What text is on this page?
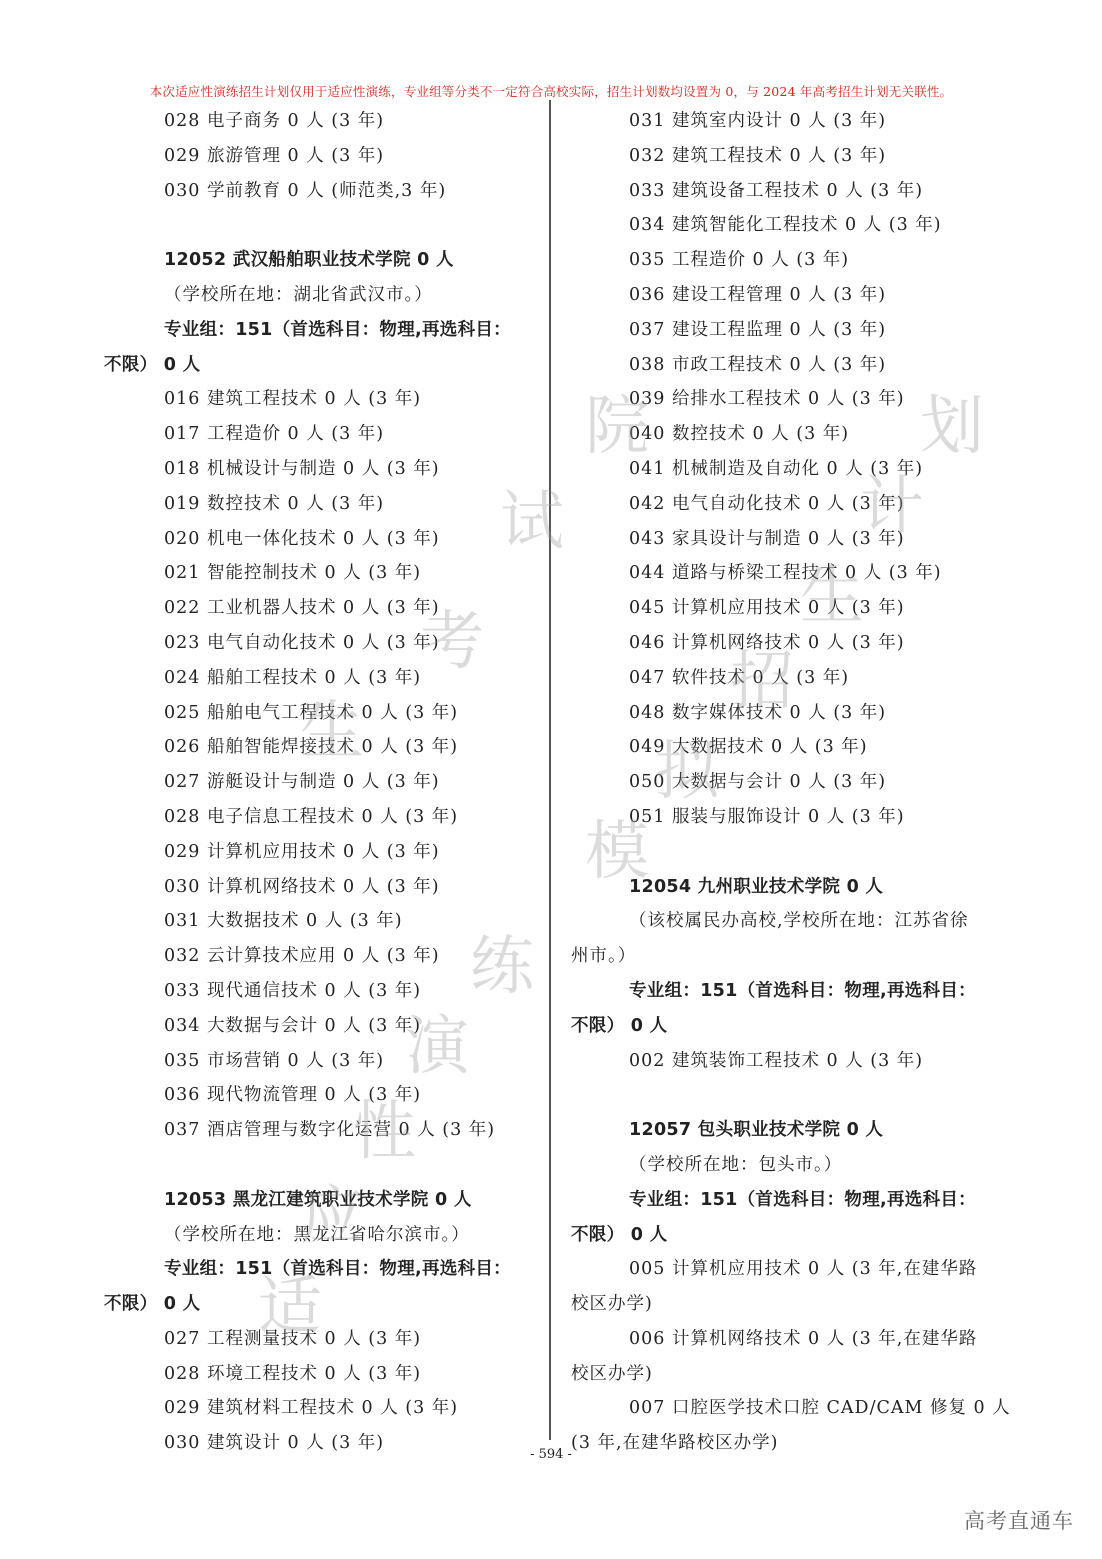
本次适应性演练招生计划仅用于适应性演练，专业组等分类不一定符合高校实际，招生计划数均设置为 0，与 2024 年高考招生计划无关联性。
028 电子商务 0 人 (3 年)
029 旅游管理 0 人 (3 年)
030 学前教育 0 人 (师范类,3 年)
12052 武汉船舶职业技术学院 0 人
（学校所在地：湖北省武汉市。）
专业组：151（首选科目：物理,再选科目：
不限） 0 人
016 建筑工程技术 0 人 (3 年)
017 工程造价 0 人 (3 年)
018 机械设计与制造 0 人 (3 年)
019 数控技术 0 人 (3 年)
020 机电一体化技术 0 人 (3 年)
021 智能控制技术 0 人 (3 年)
022 工业机器人技术 0 人 (3 年)
023 电气自动化技术 0 人 (3 年)
024 船舶工程技术 0 人 (3 年)
025 船舶电气工程技术 0 人 (3 年)
026 船舶智能焊接技术 0 人 (3 年)
027 游艇设计与制造 0 人 (3 年)
028 电子信息工程技术 0 人 (3 年)
029 计算机应用技术 0 人 (3 年)
030 计算机网络技术 0 人 (3 年)
031 大数据技术 0 人 (3 年)
032 云计算技术应用 0 人 (3 年)
033 现代通信技术 0 人 (3 年)
034 大数据与会计 0 人 (3 年)
035 市场营销 0 人 (3 年)
036 现代物流管理 0 人 (3 年)
037 酒店管理与数字化运营 0 人 (3 年)
12053 黑龙江建筑职业技术学院 0 人
（学校所在地：黑龙江省哈尔滨市。）
专业组：151（首选科目：物理,再选科目：
不限） 0 人
027 工程测量技术 0 人 (3 年)
028 环境工程技术 0 人 (3 年)
029 建筑材料工程技术 0 人 (3 年)
030 建筑设计 0 人 (3 年)
031 建筑室内设计 0 人 (3 年)
032 建筑工程技术 0 人 (3 年)
033 建筑设备工程技术 0 人 (3 年)
034 建筑智能化工程技术 0 人 (3 年)
035 工程造价 0 人 (3 年)
036 建设工程管理 0 人 (3 年)
037 建设工程监理 0 人 (3 年)
038 市政工程技术 0 人 (3 年)
039 给排水工程技术 0 人 (3 年)
040 数控技术 0 人 (3 年)
041 机械制造及自动化 0 人 (3 年)
042 电气自动化技术 0 人 (3 年)
043 家具设计与制造 0 人 (3 年)
044 道路与桥梁工程技术 0 人 (3 年)
045 计算机应用技术 0 人 (3 年)
046 计算机网络技术 0 人 (3 年)
047 软件技术 0 人 (3 年)
048 数字媒体技术 0 人 (3 年)
049 大数据技术 0 人 (3 年)
050 大数据与会计 0 人 (3 年)
051 服装与服饰设计 0 人 (3 年)
12054 九州职业技术学院 0 人
（该校属民办高校,学校所在地：江苏省徐
州市。）
专业组：151（首选科目：物理,再选科目：
不限） 0 人
002 建筑装饰工程技术 0 人 (3 年)
12057 包头职业技术学院 0 人
（学校所在地：包头市。）
专业组：151（首选科目：物理,再选科目：
不限） 0 人
005 计算机应用技术 0 人 (3 年,在建华路
校区办学)
006 计算机网络技术 0 人 (3 年,在建华路
校区办学)
007 口腔医学技术口腔 CAD/CAM 修复 0 人
(3 年,在建华路校区办学)
适
应
性
演
练
生
考
试
院
模
拟
招
生
计
划
- 594 -
高考直通车
